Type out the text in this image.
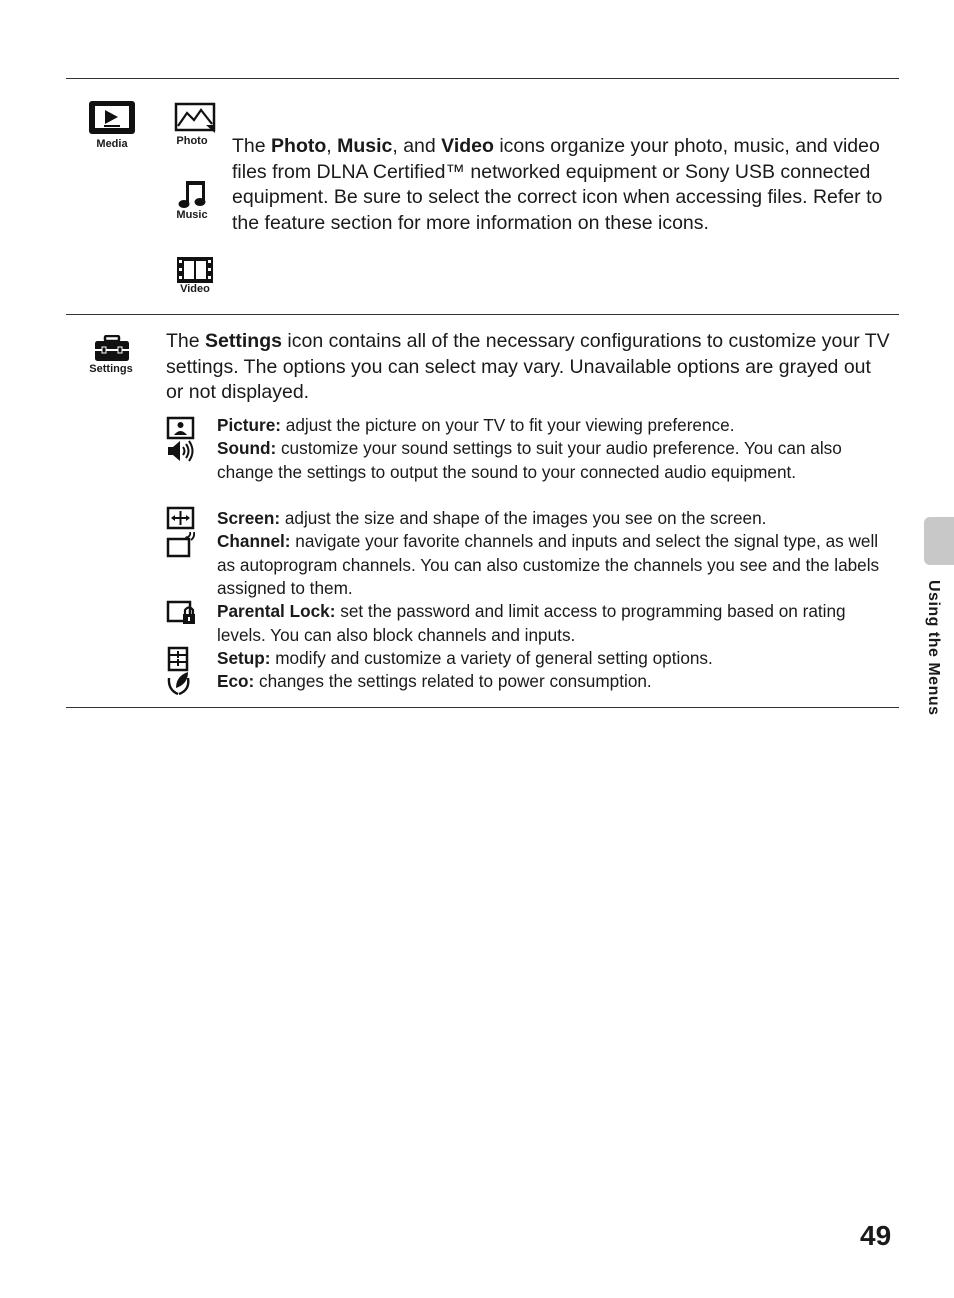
Media	Photo
Music
Video
The Photo, Music, and Video icons organize your photo, music, and video files from DLNA Certified™ networked equipment or Sony USB connected equipment. Be sure to select the correct icon when accessing files. Refer to the feature section for more information on these icons.
Settings
The Settings icon contains all of the necessary configurations to customize your TV settings. The options you can select may vary. Unavailable options are grayed out or not displayed.
Picture: adjust the picture on your TV to fit your viewing preference.
Sound: customize your sound settings to suit your audio preference. You can also change the settings to output the sound to your connected audio equipment.
Screen: adjust the size and shape of the images you see on the screen.
Channel: navigate your favorite channels and inputs and select the signal type, as well as autoprogram channels. You can also customize the channels you see and the labels assigned to them.
Parental Lock: set the password and limit access to programming based on rating levels. You can also block channels and inputs.
Setup: modify and customize a variety of general setting options.
Eco: changes the settings related to power consumption.	Using the Menus
49
